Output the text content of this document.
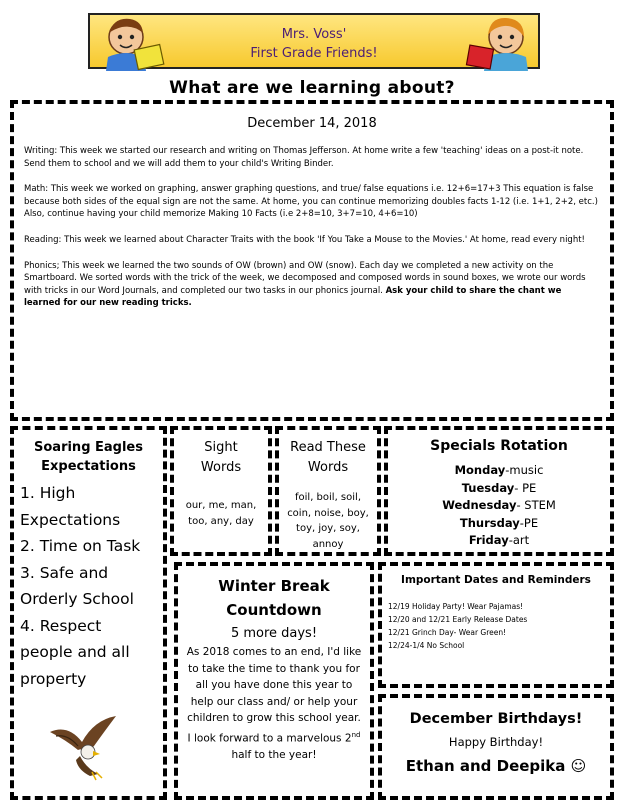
Mrs. Voss'
First Grade Friends!
What are we learning about?
December 14, 2018

Writing: This week we started our research and writing on Thomas Jefferson. At home write a few 'teaching' ideas on a post-it note. Send them to school and we will add them to your child's Writing Binder.

Math: This week we worked on graphing, answer graphing questions, and true/ false equations i.e. 12+6=17+3 This equation is false because both sides of the equal sign are not the same. At home, you can continue memorizing doubles facts 1-12 (i.e. 1+1, 2+2, etc.) Also, continue having your child memorize Making 10 Facts (i.e 2+8=10, 3+7=10, 4+6=10)

Reading: This week we learned about Character Traits with the book 'If You Take a Mouse to the Movies.' At home, read every night!

Phonics; This week we learned the two sounds of OW (brown) and OW (snow). Each day we completed a new activity on the Smartboard. We sorted words with the trick of the week, we decomposed and composed words in sound boxes, we wrote our words with tricks in our Word Journals, and completed our two tasks in our phonics journal. Ask your child to share the chant we learned for our new reading tricks.

Soaring Eagles
Expectations
1. High Expectations
2. Time on Task
3. Safe and Orderly School
4. Respect people and all property
Sight
Words
our, me, man,
too, any, day
Read These
Words
foil, boil, soil,
coin, noise, boy,
toy, joy, soy,
annoy
Specials Rotation
Monday-music
Tuesday- PE
Wednesday- STEM
Thursday-PE
Friday-art
Winter Break
Countdown
5 more days!
As 2018 comes to an end, I'd like to take the time to thank you for all you have done this year to help our class and/ or help your children to grow this school year. I look forward to a marvelous 2nd half to the year!
Important Dates and Reminders
12/19 Holiday Party! Wear Pajamas!
12/20 and 12/21 Early Release Dates
12/21 Grinch Day- Wear Green!
12/24-1/4 No School
December Birthdays!
Happy Birthday!
Ethan and Deepika ☺
